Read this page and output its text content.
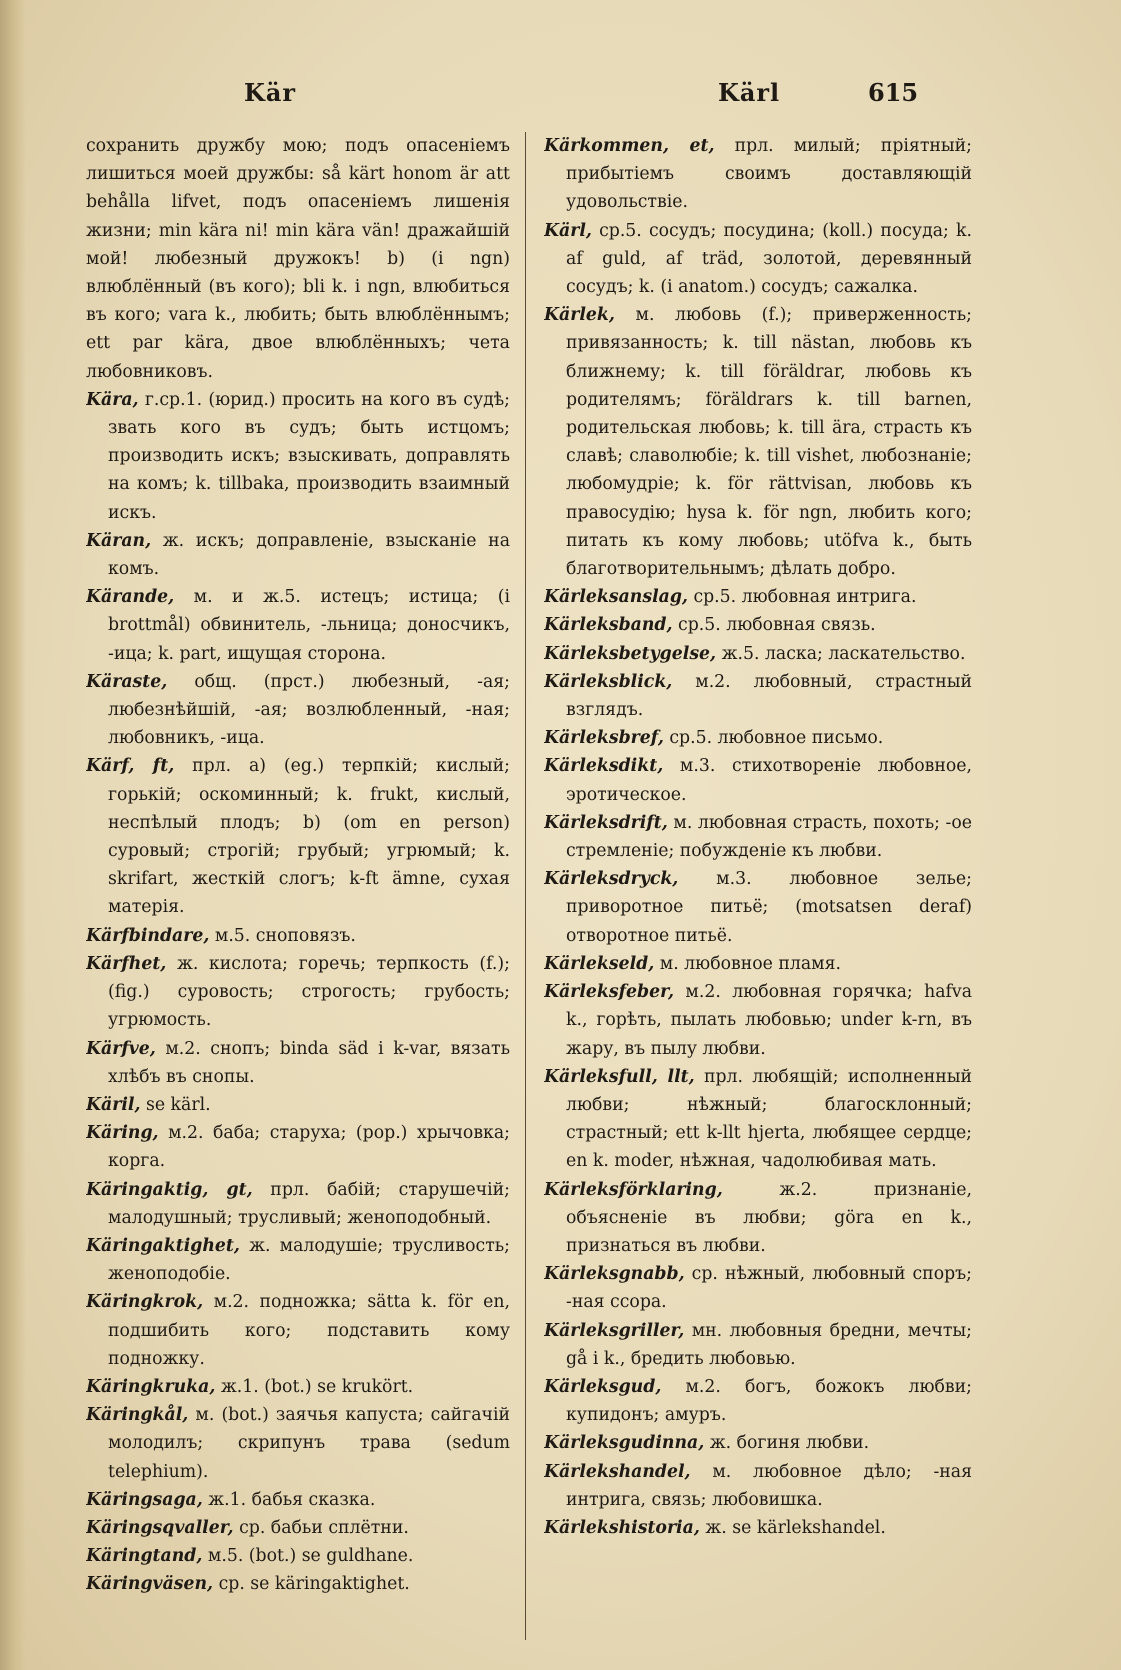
Kär	Kärl	615

сохранить дружбу мою; подъ опасеніемъ лишиться моей дружбы: så kärt honom är att behålla lifvet, подъ опасеніемъ лишенія жизни; min kära ni! min kära vän! дражайшій мой! любезный дружокъ! b) (i ngn) влюблённый (въ кого); bli k. i ngn, влюбиться въ кого; vara k., любить; быть влюблённымъ; ett par kära, двое влюблённыхъ; чета любовниковъ.

Kära, г.ср.1. (юрид.) просить на кого въ судѣ; звать кого въ судъ; быть истцомъ; производить искъ; взыскивать, доправлять на комъ; k. tillbaka, производить взаимный искъ.

Käran, ж. искъ; доправленіе, взысканіе на комъ.

Kärande, м. и ж.5. истецъ; истица; (i brottmål) обвинитель, -льница; доносчикъ, -ица; k. part, ищущая сторона.

Käraste, общ. (прст.) любезный, -ая; любезнѣйшій, -ая; возлюбленный, -ная; любовникъ, -ица.

Kärf, ft, прл. a) (eg.) терпкій; кислый; горькій; оскоминный; k. frukt, кислый, неспѣлый плодъ; b) (om en person) суровый; строгій; грубый; угрюмый; k. skrifart, жесткій слогъ; k-ft ämne, сухая матерія.

Kärfbindare, м.5. сноповязъ.

Kärfhet, ж. кислота; горечь; терпкость (f.); (fig.) суровость; строгость; грубость; угрюмость.

Kärfve, м.2. снопъ; binda säd i k-var, вязать хлѣбъ въ снопы.

Käril, se kärl.

Käring, м.2. баба; старуха; (pop.) хрычовка; корга.

Käringaktig, gt, прл. бабій; старушечій; малодушный; трусливый; женоподобный.

Käringaktighet, ж. малодушіе; трусливость; женоподобіе.

Käringkrok, м.2. подножка; sätta k. för en, подшибить кого; подставить кому подножку.

Käringkruka, ж.1. (bot.) se krukört.

Käringkål, м. (bot.) заячья капуста; сайгачій молодилъ; скрипунъ трава (sedum telephium).

Käringsaga, ж.1. бабья сказка.

Käringsqvaller, ср. бабьи сплётни.

Käringtand, м.5. (bot.) se guldhane.

Käringväsen, ср. se käringaktighet.

Kärkommen, et, прл. милый; пріятный; прибытіемъ своимъ доставляющій удовольствіе.

Kärl, ср.5. сосудъ; посудина; (koll.) посуда; k. af guld, af träd, золотой, деревянный сосудъ; k. (i anatom.) сосудъ; сажалка.

Kärlek, м. любовь (f.); приверженность; привязанность; k. till nästan, любовь къ ближнему; k. till föräldrar, любовь къ родителямъ; föräldrars k. till barnen, родительская любовь; k. till ära, страсть къ славѣ; славолюбіе; k. till vishet, любознаніе; любомудріе; k. för rättvisan, любовь къ правосудію; hysa k. för ngn, любить кого; питать къ кому любовь; utöfva k., быть благотворительнымъ; дѣлать добро.

Kärleksanslag, ср.5. любовная интрига.

Kärleksband, ср.5. любовная связь.

Kärleksbetygelse, ж.5. ласка; ласкательство.

Kärleksblick, м.2. любовный, страстный взглядъ.

Kärleksbref, ср.5. любовное письмо.

Kärleksdikt, м.3. стихотвореніе любовное, эротическое.

Kärleksdrift, м. любовная страсть, похоть; -ое стремленіе; побужденіе къ любви.

Kärleksdryck, м.3. любовное зелье; приворотное питьё; (motsatsen deraf) отворотное питьё.

Kärlekseld, м. любовное пламя.

Kärleksfeber, м.2. любовная горячка; hafva k., горѣть, пылать любовью; under k-rn, въ жару, въ пылу любви.

Kärleksfull, llt, прл. любящій; исполненный любви; нѣжный; благосклонный; страстный; ett k-llt hjerta, любящее сердце; en k. moder, нѣжная, чадолюбивая мать.

Kärleksförklaring,	ж.2. признаніе, объясненіе въ любви; göra en k., признаться въ любви.

Kärleksgnabb, ср. нѣжный, любовный споръ; -ная ссора.

Kärleksgriller, мн. любовныя бредни, мечты; gå i k., бредить любовью.

Kärleksgud, м.2. богъ, божокъ любви; купидонъ; амуръ.

Kärleksgudinna, ж. богиня любви.

Kärlekshandel, м. любовное дѣло; -ная интрига, связь; любовишка.

Kärlekshistoria, ж. se kärlekshandel.
